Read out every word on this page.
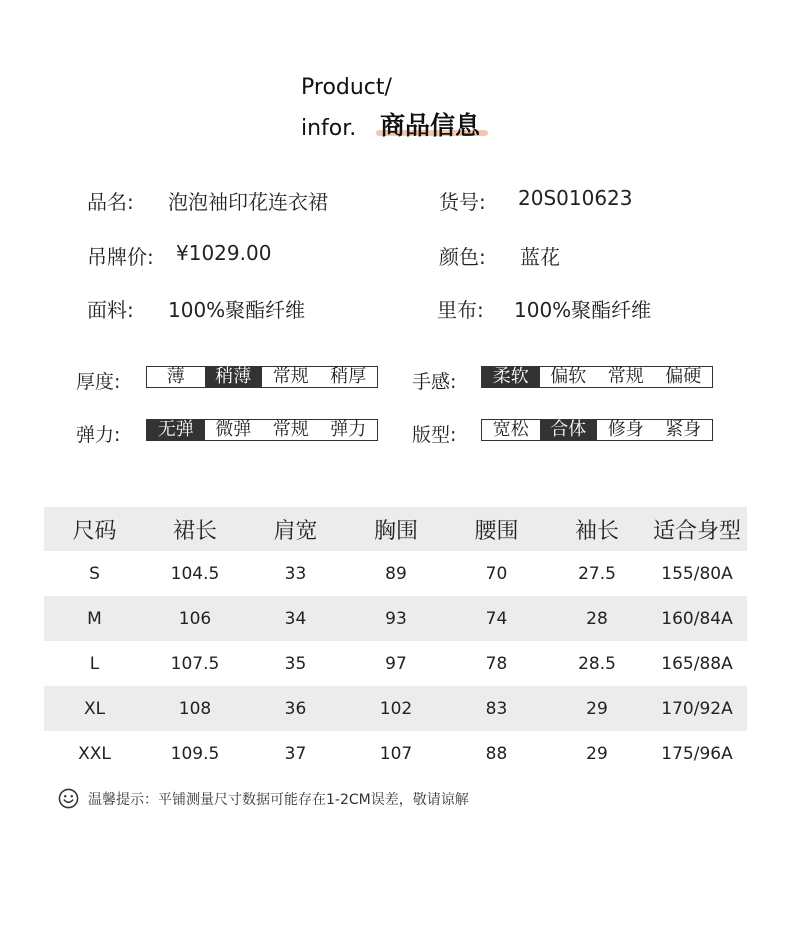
Product/
infor. 商品信息
品名: 泡泡袖印花连衣裙	货号: 20S010623
吊牌价: ¥1029.00	颜色: 蓝花
面料: 100%聚酯纤维	里布: 100%聚酯纤维
厚度:	薄	稍薄	常规	稍厚	手感:	柔软	偏软	常规	偏硬
弹力:	无弹	微弹	常规	弹力	版型:	宽松	合体	修身	紧身
尺码	裙长	肩宽	胸围	腰围	袖长	适合身型
S	104.5	33	89	70	27.5	155/80A
M	106	34	93	74	28	160/84A
L	107.5	35	97	78	28.5	165/88A
XL	108	36	102	83	29	170/92A
XXL	109.5	37	107	88	29	175/96A
温馨提示：平铺测量尺寸数据可能存在1-2CM误差，敬请谅解
